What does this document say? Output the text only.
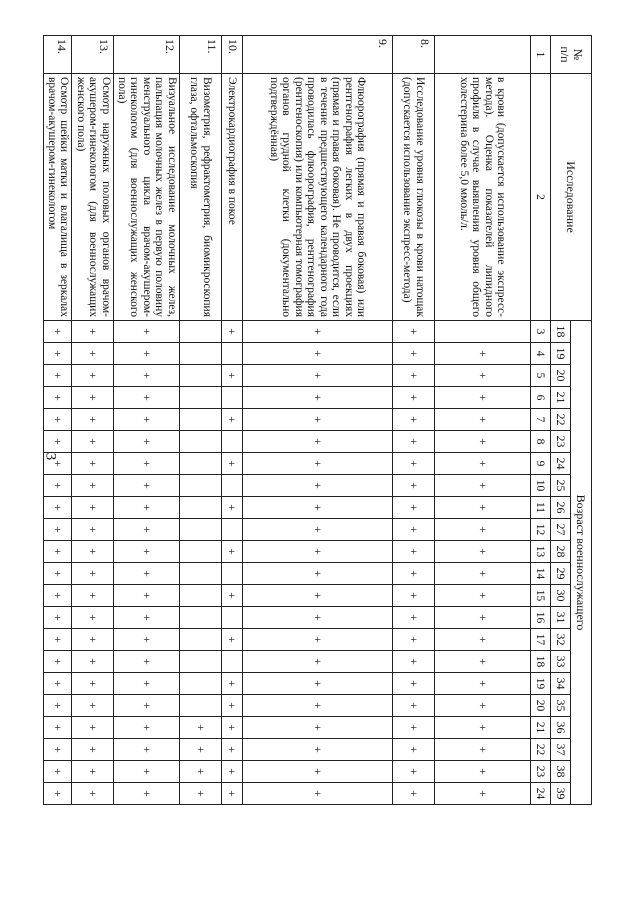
3
№
п/п	Исследование	Возраст военнослужащего																					
		18	19	20	21	22	23	24	25	26	27	28	29	30	31	32	33	34	35	36	37	38	39
1	2	3	4	5	6	7	8	9	10	11	12	13	14	15	16	17	18	19	20	21	22	23	24
	в крови (допускается использование экспресс-метода). Оценка показателей липидного профиля в случае выявления уровня общего холестерина более 5,0 ммоль/л.		+	+	+	+	+	+	+	+	+	+	+	+	+	+	+	+	+	+	+	+	+
8.	Исследование уровня глюкозы в крови натощак (допускается использование экспресс-метода)	+	+	+	+	+	+	+	+	+	+	+	+	+	+	+	+	+	+	+	+	+	+
9.	Флюорография (прямая и правая боковая) или рентгенография легких в двух проекциях (прямая и правая боковая). Не проводится, если в течение предшествующего календарного года проводилась флюорография, рентгенография (рентгеноскопия) или компьютерная томография органов грудной клетки (документально подтверждённая)	+	+	+	+	+	+	+	+	+	+	+	+	+	+	+	+	+	+	+	+	+	+
10.	Электрокардиография в покое	+		+		+		+		+		+		+		+		+	+	+	+	+	+
11.	Визометрия, рефрактометрия, биомикроскопия глаза, офтальмоскопия																			+	+	+	+
12.	Визуальное исследование молочных желез, пальпация молочных желез в первую половину менструального цикла врачом-акушером-гинекологом (для военнослужащих женского пола)	+	+	+	+	+	+	+	+	+	+	+	+	+	+	+	+	+	+	+	+	+	+
13.	Осмотр наружных половых органов врачом-акушером-гинекологом (для военнослужащих женского пола)	+	+	+	+	+	+	+	+	+	+	+	+	+	+	+	+	+	+	+	+	+	+
14.	Осмотр шейки матки и влагалища в зеркалах врачом-акушером-гинекологом	+	+	+	+	+	+	+	+	+	+	+	+	+	+	+	+	+	+	+	+	+	+
